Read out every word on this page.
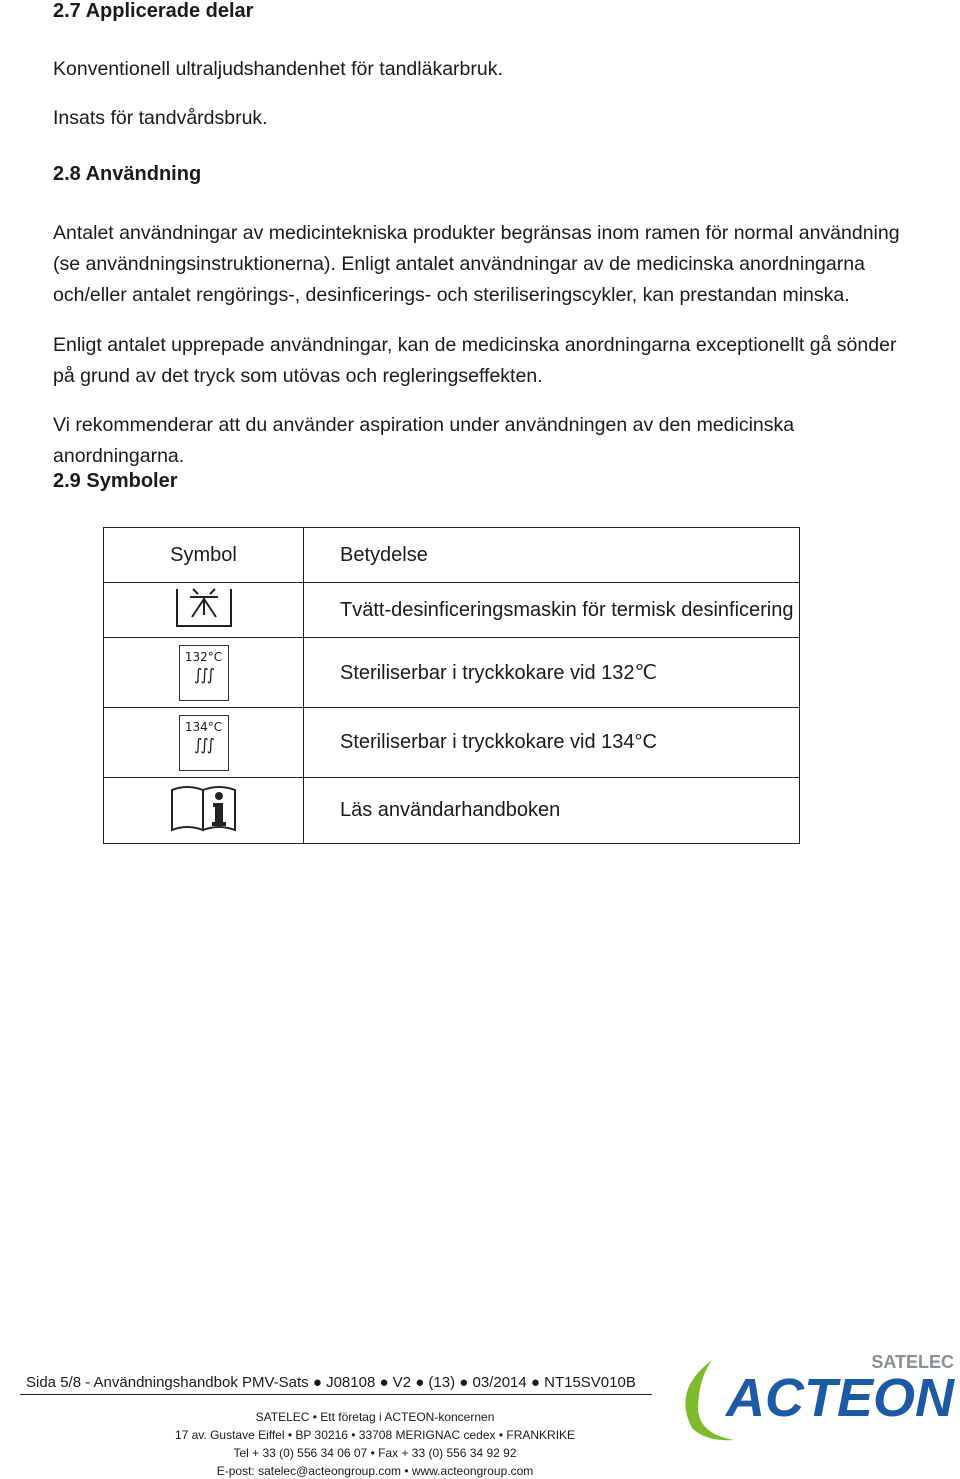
2.7 Applicerade delar
Konventionell ultraljudshandenhet för tandläkarbruk.
Insats för tandvårdsbruk.
2.8 Användning
Antalet användningar av medicintekniska produkter begränsas inom ramen för normal användning (se användningsinstruktionerna). Enligt antalet användningar av de medicinska anordningarna och/eller antalet rengörings-, desinficerings- och steriliseringscykler, kan prestandan minska.
Enligt antalet upprepade användningar, kan de medicinska anordningarna exceptionellt gå sönder på grund av det tryck som utövas och regleringseffekten.
Vi rekommenderar att du använder aspiration under användningen av den medicinska anordningarna.
2.9 Symboler
Symbol	Betydelse
	Tvätt-desinficeringsmaskin för termisk desinficering
132°C
∫∫∫	Steriliserbar i tryckkokare vid 132℃
134°C
∫∫∫	Steriliserbar i tryckkokare vid 134°C
	Läs användarhandboken
Sida 5/8 - Användningshandbok PMV-Sats ● J08108 ● V2 ● (13) ● 03/2014 ● NT15SV010B
SATELEC • Ett företag i ACTEON-koncernen
17 av. Gustave Eiffel • BP 30216 • 33708 MERIGNAC cedex • FRANKRIKE
Tel + 33 (0) 556 34 06 07 • Fax + 33 (0) 556 34 92 92
E-post: satelec@acteongroup.com • www.acteongroup.com
SATELEC
ACTEON
